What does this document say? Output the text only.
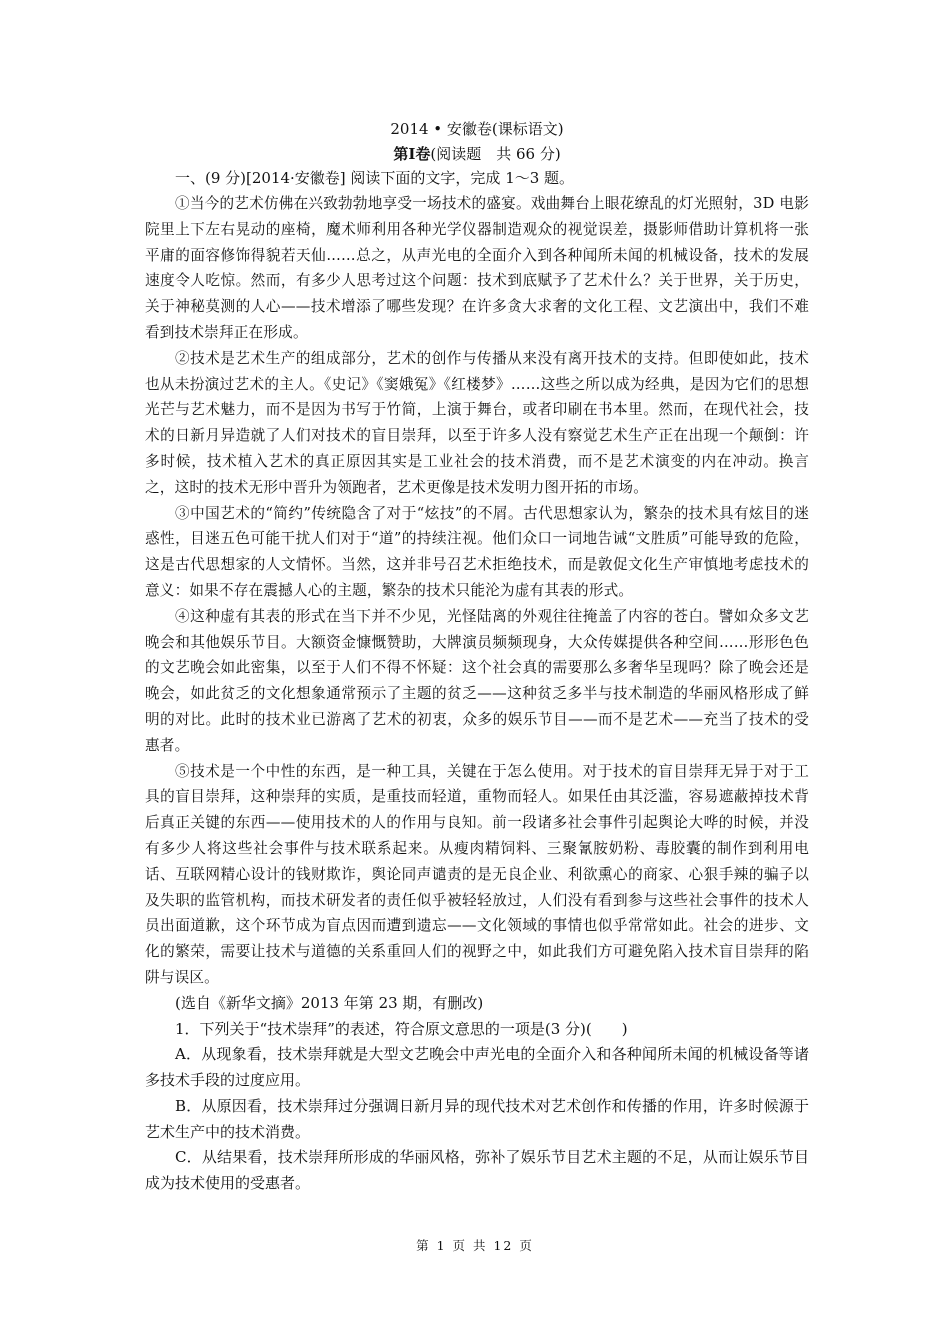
2014 • 安徽卷(课标语文)

第Ⅰ卷(阅读题　共 66 分)

一、(9 分)[2014·安徽卷] 阅读下面的文字，完成 1～3 题。

①当今的艺术仿佛在兴致勃勃地享受一场技术的盛宴。戏曲舞台上眼花缭乱的灯光照射，3D 电影院里上下左右晃动的座椅，魔术师利用各种光学仪器制造观众的视觉误差，摄影师借助计算机将一张平庸的面容修饰得貌若天仙……总之，从声光电的全面介入到各种闻所未闻的机械设备，技术的发展速度令人吃惊。然而，有多少人思考过这个问题：技术到底赋予了艺术什么？关于世界，关于历史，关于神秘莫测的人心——技术增添了哪些发现？在许多贪大求奢的文化工程、文艺演出中，我们不难看到技术崇拜正在形成。

②技术是艺术生产的组成部分，艺术的创作与传播从来没有离开技术的支持。但即使如此，技术也从未扮演过艺术的主人。《史记》《窦娥冤》《红楼梦》……这些之所以成为经典，是因为它们的思想光芒与艺术魅力，而不是因为书写于竹简，上演于舞台，或者印刷在书本里。然而，在现代社会，技术的日新月异造就了人们对技术的盲目崇拜，以至于许多人没有察觉艺术生产正在出现一个颠倒：许多时候，技术植入艺术的真正原因其实是工业社会的技术消费，而不是艺术演变的内在冲动。换言之，这时的技术无形中晋升为领跑者，艺术更像是技术发明力图开拓的市场。

③中国艺术的“简约”传统隐含了对于“炫技”的不屑。古代思想家认为，繁杂的技术具有炫目的迷惑性，目迷五色可能干扰人们对于“道”的持续注视。他们众口一词地告诫“文胜质”可能导致的危险，这是古代思想家的人文情怀。当然，这并非号召艺术拒绝技术，而是敦促文化生产审慎地考虑技术的意义：如果不存在震撼人心的主题，繁杂的技术只能沦为虚有其表的形式。

④这种虚有其表的形式在当下并不少见，光怪陆离的外观往往掩盖了内容的苍白。譬如众多文艺晚会和其他娱乐节目。大额资金慷慨赞助，大牌演员频频现身，大众传媒提供各种空间……形形色色的文艺晚会如此密集，以至于人们不得不怀疑：这个社会真的需要那么多奢华呈现吗？除了晚会还是晚会，如此贫乏的文化想象通常预示了主题的贫乏——这种贫乏多半与技术制造的华丽风格形成了鲜明的对比。此时的技术业已游离了艺术的初衷，众多的娱乐节目——而不是艺术——充当了技术的受惠者。

⑤技术是一个中性的东西，是一种工具，关键在于怎么使用。对于技术的盲目崇拜无异于对于工具的盲目崇拜，这种崇拜的实质，是重技而轻道，重物而轻人。如果任由其泛滥，容易遮蔽掉技术背后真正关键的东西——使用技术的人的作用与良知。前一段诸多社会事件引起舆论大哗的时候，并没有多少人将这些社会事件与技术联系起来。从瘦肉精饲料、三聚氰胺奶粉、毒胶囊的制作到利用电话、互联网精心设计的钱财欺诈，舆论同声谴责的是无良企业、利欲熏心的商家、心狠手辣的骗子以及失职的监管机构，而技术研发者的责任似乎被轻轻放过，人们没有看到参与这些社会事件的技术人员出面道歉，这个环节成为盲点因而遭到遗忘——文化领域的事情也似乎常常如此。社会的进步、文化的繁荣，需要让技术与道德的关系重回人们的视野之中，如此我们方可避免陷入技术盲目崇拜的陷阱与误区。

(选自《新华文摘》2013 年第 23 期，有删改)

1．下列关于“技术崇拜”的表述，符合原文意思的一项是(3 分)(　　)

A．从现象看，技术崇拜就是大型文艺晚会中声光电的全面介入和各种闻所未闻的机械设备等诸多技术手段的过度应用。

B．从原因看，技术崇拜过分强调日新月异的现代技术对艺术创作和传播的作用，许多时候源于艺术生产中的技术消费。

C．从结果看，技术崇拜所形成的华丽风格，弥补了娱乐节目艺术主题的不足，从而让娱乐节目成为技术使用的受惠者。

第 1 页 共 12 页
